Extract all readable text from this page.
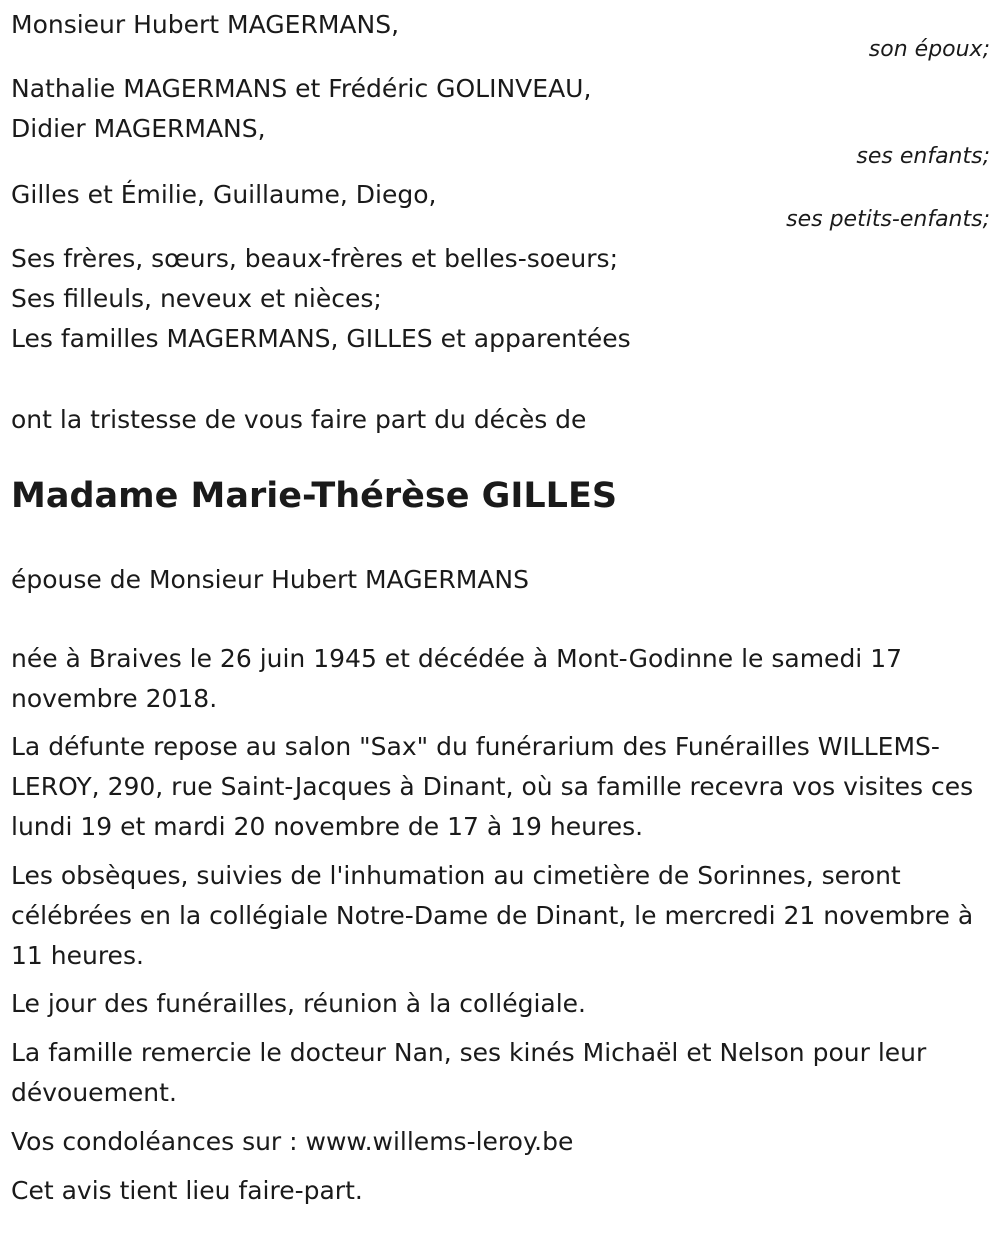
Monsieur Hubert MAGERMANS,
son époux;
Nathalie MAGERMANS et Frédéric GOLINVEAU,
Didier MAGERMANS,
ses enfants;
Gilles et Émilie, Guillaume, Diego,
ses petits-enfants;
Ses frères, sœurs, beaux-frères et belles-soeurs;
Ses filleuls, neveux et nièces;
Les familles MAGERMANS, GILLES et apparentées
ont la tristesse de vous faire part du décès de
Madame Marie-Thérèse GILLES
épouse de Monsieur Hubert MAGERMANS

née à Braives le 26 juin 1945 et décédée à Mont-Godinne le samedi 17 novembre 2018.

La défunte repose au salon "Sax" du funérarium des Funérailles WILLEMS-LEROY, 290, rue Saint-Jacques à Dinant, où sa famille recevra vos visites ces lundi 19 et mardi 20 novembre de 17 à 19 heures.

Les obsèques, suivies de l'inhumation au cimetière de Sorinnes, seront célébrées en la collégiale Notre-Dame de Dinant, le mercredi 21 novembre à 11 heures.

Le jour des funérailles, réunion à la collégiale.

La famille remercie le docteur Nan, ses kinés Michaël et Nelson pour leur dévouement.

Vos condoléances sur : www.willems-leroy.be

Cet avis tient lieu faire-part.
